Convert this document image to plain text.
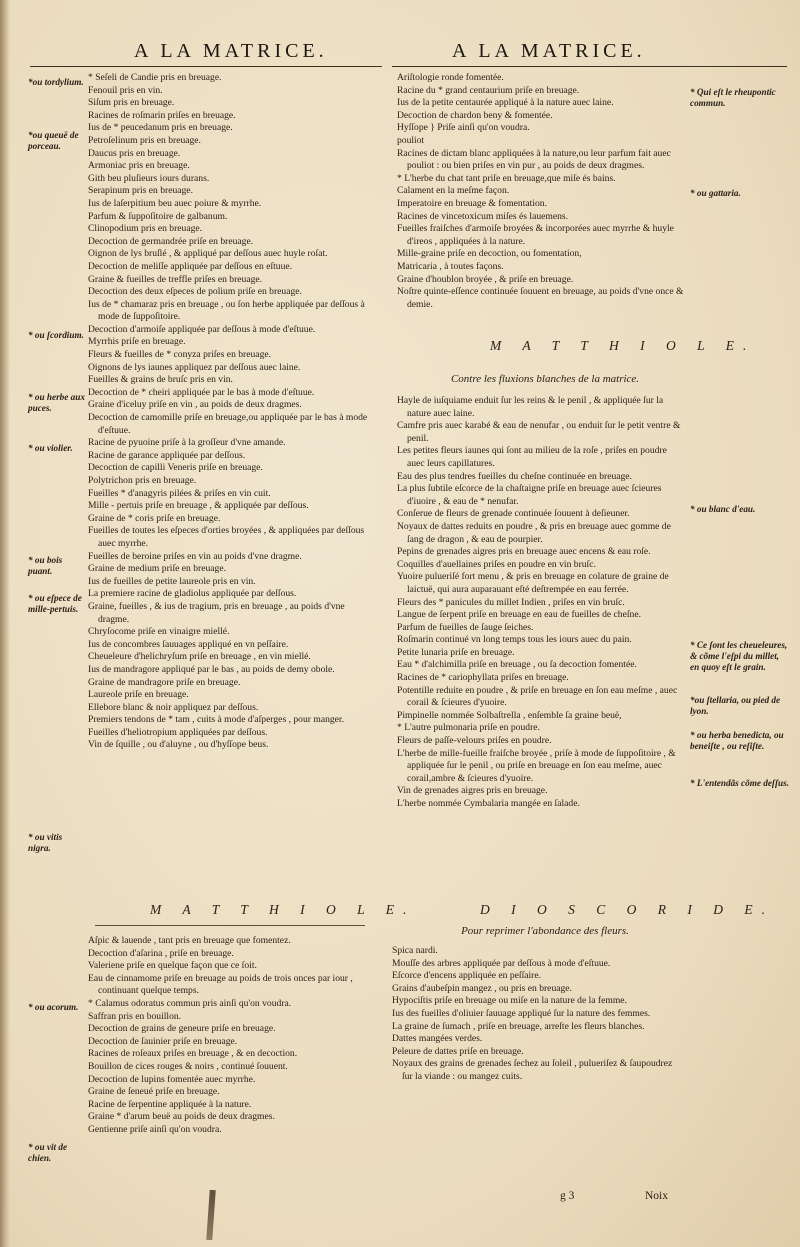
A LA MATRICE.	A LA MATRICE.
* Seſeli de Candie pris en breuage.
Fenouil pris en vin.
Siſum pris en breuage.
Racines de roſmarin priſes en breuage.
Ius de * peucedanum pris en breuage.
Petroſelinum pris en breuage.
Daucus pris en breuage.
Armoniac pris en breuage.
Gith beu pluſieurs iours durans.
Serapinum pris en breuage.
Ius de laſerpitium beu auec poiure & myrrhe.
Parfum & ſuppoſitoire de galbanum.
Clinopodium pris en breuage.
Decoction de germandrée priſe en breuage.
Oignon de lys bruſlé , & appliqué par deſſous auec huyle roſat.
Decoction de meliſſe appliquée par deſſous en eſtuue.
Graine & fueilles de treffle priſes en breuage.
Decoction des deux eſpeces de polium priſe en breuage.
Ius de * chamaraz pris en breuage , ou ſon herbe appliquée par deſſous à mode de ſuppoſitoire.
Decoction d'armoiſe appliquée par deſſous à mode d'eſtuue.
Myrrhis priſe en breuage.
Fleurs & fueilles de * conyza priſes en breuage.
Oignons de lys iaunes appliquez par deſſous auec laine.
Fueilles & grains de bruſc pris en vin.
Decoction de * cheiri appliquée par le bas à mode d'eſtuue.
Graine d'iceluy priſe en vin , au poids de deux dragmes.
Decoction de camomille priſe en breuage,ou appliquée par le bas à mode d'eſtuue.
Racine de pyuoine priſe à la groſſeur d'vne amande.
Racine de garance appliquée par deſſous.
Decoction de capilli Veneris priſe en breuage.
Polytrichon pris en breuage.
Fueilles * d'anagyris pilées & priſes en vin cuit.
Mille - pertuis priſe en breuage , & appliquée par deſſous.
Graine de * coris priſe en breuage.
Fueilles de toutes les eſpeces d'orties broyées , & appliquées par deſſous auec myrrhe.
Fueilles de beroine priſes en vin au poids d'vne dragme.
Graine de medium priſe en breuage.
Ius de fueilles de petite laureole pris en vin.
La premiere racine de gladiolus appliquée par deſſous.
Graine, fueilles , & ius de tragium, pris en breuage , au poids d'vne dragme.
Chryſocome priſe en vinaigre miellé.
Ius de concombres ſauuages appliqué en vn peſſaire.
Cheueleure d'helichryſum priſe en breuage , en vin miellé.
Ius de mandragore appliqué par le bas , au poids de demy obole.
Graine de mandragore priſe en breuage.
Laureole priſe en breuage.
Ellebore blanc & noir appliquez par deſſous.
Premiers tendons de * tam , cuits à mode d'aſperges , pour manger.
Fueilles d'heliotropium appliquées par deſſous.
Vin de ſquille , ou d'aluyne , ou d'hyſſope beus.
*ou tordylium.
*ou queuë de porceau.
* ou ſcordium.
* ou herbe aux puces.
* ou violier.
* ou bois puant.
* ou eſpece de mille-pertuis.
* ou vitis nigra.
* ou acorum.
* ou vit de chien.
M A T T H I O L E.
Aſpic & lauende , tant pris en breuage que fomentez.
Decoction d'aſarina , priſe en breuage.
Valeriene priſe en quelque façon que ce ſoit.
Eau de cinnamome priſe en breuage au poids de trois onces par iour , continuant quelque temps.
* Calamus odoratus commun pris ainſi qu'on voudra.
Saffran pris en bouillon.
Decoction de grains de geneure priſe en breuage.
Decoction de ſauinier priſe en breuage.
Racines de roſeaux priſes en breuage , & en decoction.
Bouillon de cices rouges & noirs , continué ſouuent.
Decoction de lupins fomentée auec myrrhe.
Graine de ſeneué priſe en breuage.
Racine de ſerpentine appliquée à la nature.
Graine * d'arum beuë au poids de deux dragmes.
Gentienne priſe ainſi qu'on voudra.
Ariſtologie ronde fomentée.
Racine du * grand centaurium priſe en breuage.
Ius de la petite centaurée appliqué à la nature auec laine.
Decoction de chardon beny & fomentée.
Hyſſope } Priſe ainſi qu'on voudra.
pouliot
Racines de dictam blanc appliquées à la nature,ou leur parfum fait auec pouliot : ou bien priſes en vin pur , au poids de deux dragmes.
* L'herbe du chat tant priſe en breuage,que miſe és bains.
Calament en la meſme façon.
Imperatoire en breuage & fomentation.
Racines de vincetoxicum miſes és lauemens.
Fueilles fraiſches d'armoiſe broyées & incorporées auec myrrhe & huyle d'ireos , appliquées à la nature.
Mille-graine priſe en decoction, ou fomentation,
Matricaria , à toutes façons.
Graine d'houblon broyée , & priſe en breuage.
Noſtre quinte-eſſence continuée ſouuent en breuage, au poids d'vne once & demie.
* Qui eſt le rheupontic commun.
* ou gattaria.
M A T T H I O L E.
Contre les fluxions blanches de la matrice.
Hayle de iuſquiame enduit ſur les reins & le penil , & appliquée ſur la nature auec laine.
Camfre pris auec karabé & eau de nenufar , ou enduit ſur le petit ventre & penil.
Les petites fleurs iaunes qui ſont au milieu de la roſe , priſes en poudre auec leurs capillatures.
Eau des plus tendres fueilles du cheſne continuée en breuage.
La plus ſubtile eſcorce de la chaſtaigne priſe en breuage auec ſcieures d'iuoire , & eau de * nenufar.
Conſerue de fleurs de grenade continuée ſouuent à deſieuner.
Noyaux de dattes reduits en poudre , & pris en breuage auec gomme de ſang de dragon , & eau de pourpier.
Pepins de grenades aigres pris en breuage auec encens & eau roſe.
Coquilles d'auellaines priſes en poudre en vin bruſc.
Yuoire pulueriſé fort menu , & pris en breuage en colature de graine de laictuë, qui aura auparauant eſté deſtrempée en eau ferrée.
Fleurs des * panicules du millet Indien , priſes en vin bruſc.
Langue de ſerpent priſe en breuage en eau de fueilles de cheſne.
Parfum de fueilles de ſauge ſeiches.
Roſmarin continué vn long temps tous les iours auec du pain.
Petite lunaria priſe en breuage.
Eau * d'alchimilla priſe en breuage , ou ſa decoction fomentée.
Racines de * cariophyllata priſes en breuage.
Potentille reduite en poudre , & priſe en breuage en ſon eau meſme , auec corail & ſcieures d'yuoire.
Pimpinelle nommée Solbaſtrella , enſemble ſa graine beuë,
* L'autre pulmonaria priſe en poudre.
Fleurs de paſſe-velours priſes en poudre.
L'herbe de mille-fueille fraiſche broyée , priſe à mode de ſuppoſitoire , & appliquée ſur le penil , ou priſe en breuage en ſon eau meſme, auec corail,ambre & ſcieures d'yuoire.
Vin de grenades aigres pris en breuage.
L'herbe nommée Cymbalaria mangée en ſalade.
* ou blanc d'eau.
* Ce ſont les cheueleures, & cõme l'eſpi du millet, en quoy eſt le grain.
*ou ſtellaria, ou pied de lyon.
* ou herba benedicta, ou beneiſte , ou reſiſte.
* L'entendãs cõme deſſus.
D I O S C O R I D E.
Pour reprimer l'abondance des fleurs.
Spica nardi.
Mouſſe des arbres appliquée par deſſous à mode d'eſtuue.
Eſcorce d'encens appliquée en peſſaire.
Grains d'aubeſpin mangez , ou pris en breuage.
Hypociſtis priſe en breuage ou miſe en la nature de la femme.
Ius des fueilles d'oliuier ſauuage appliqué ſur la nature des femmes.
La graine de ſumach , priſe en breuage, arreſte les fleurs blanches.
Dattes mangées verdes.
Peleure de dattes priſe en breuage.
Noyaux des grains de grenades ſechez au ſoleil , pulueriſez & ſaupoudrez ſur la viande : ou mangez cuits.
g 3	Noix
